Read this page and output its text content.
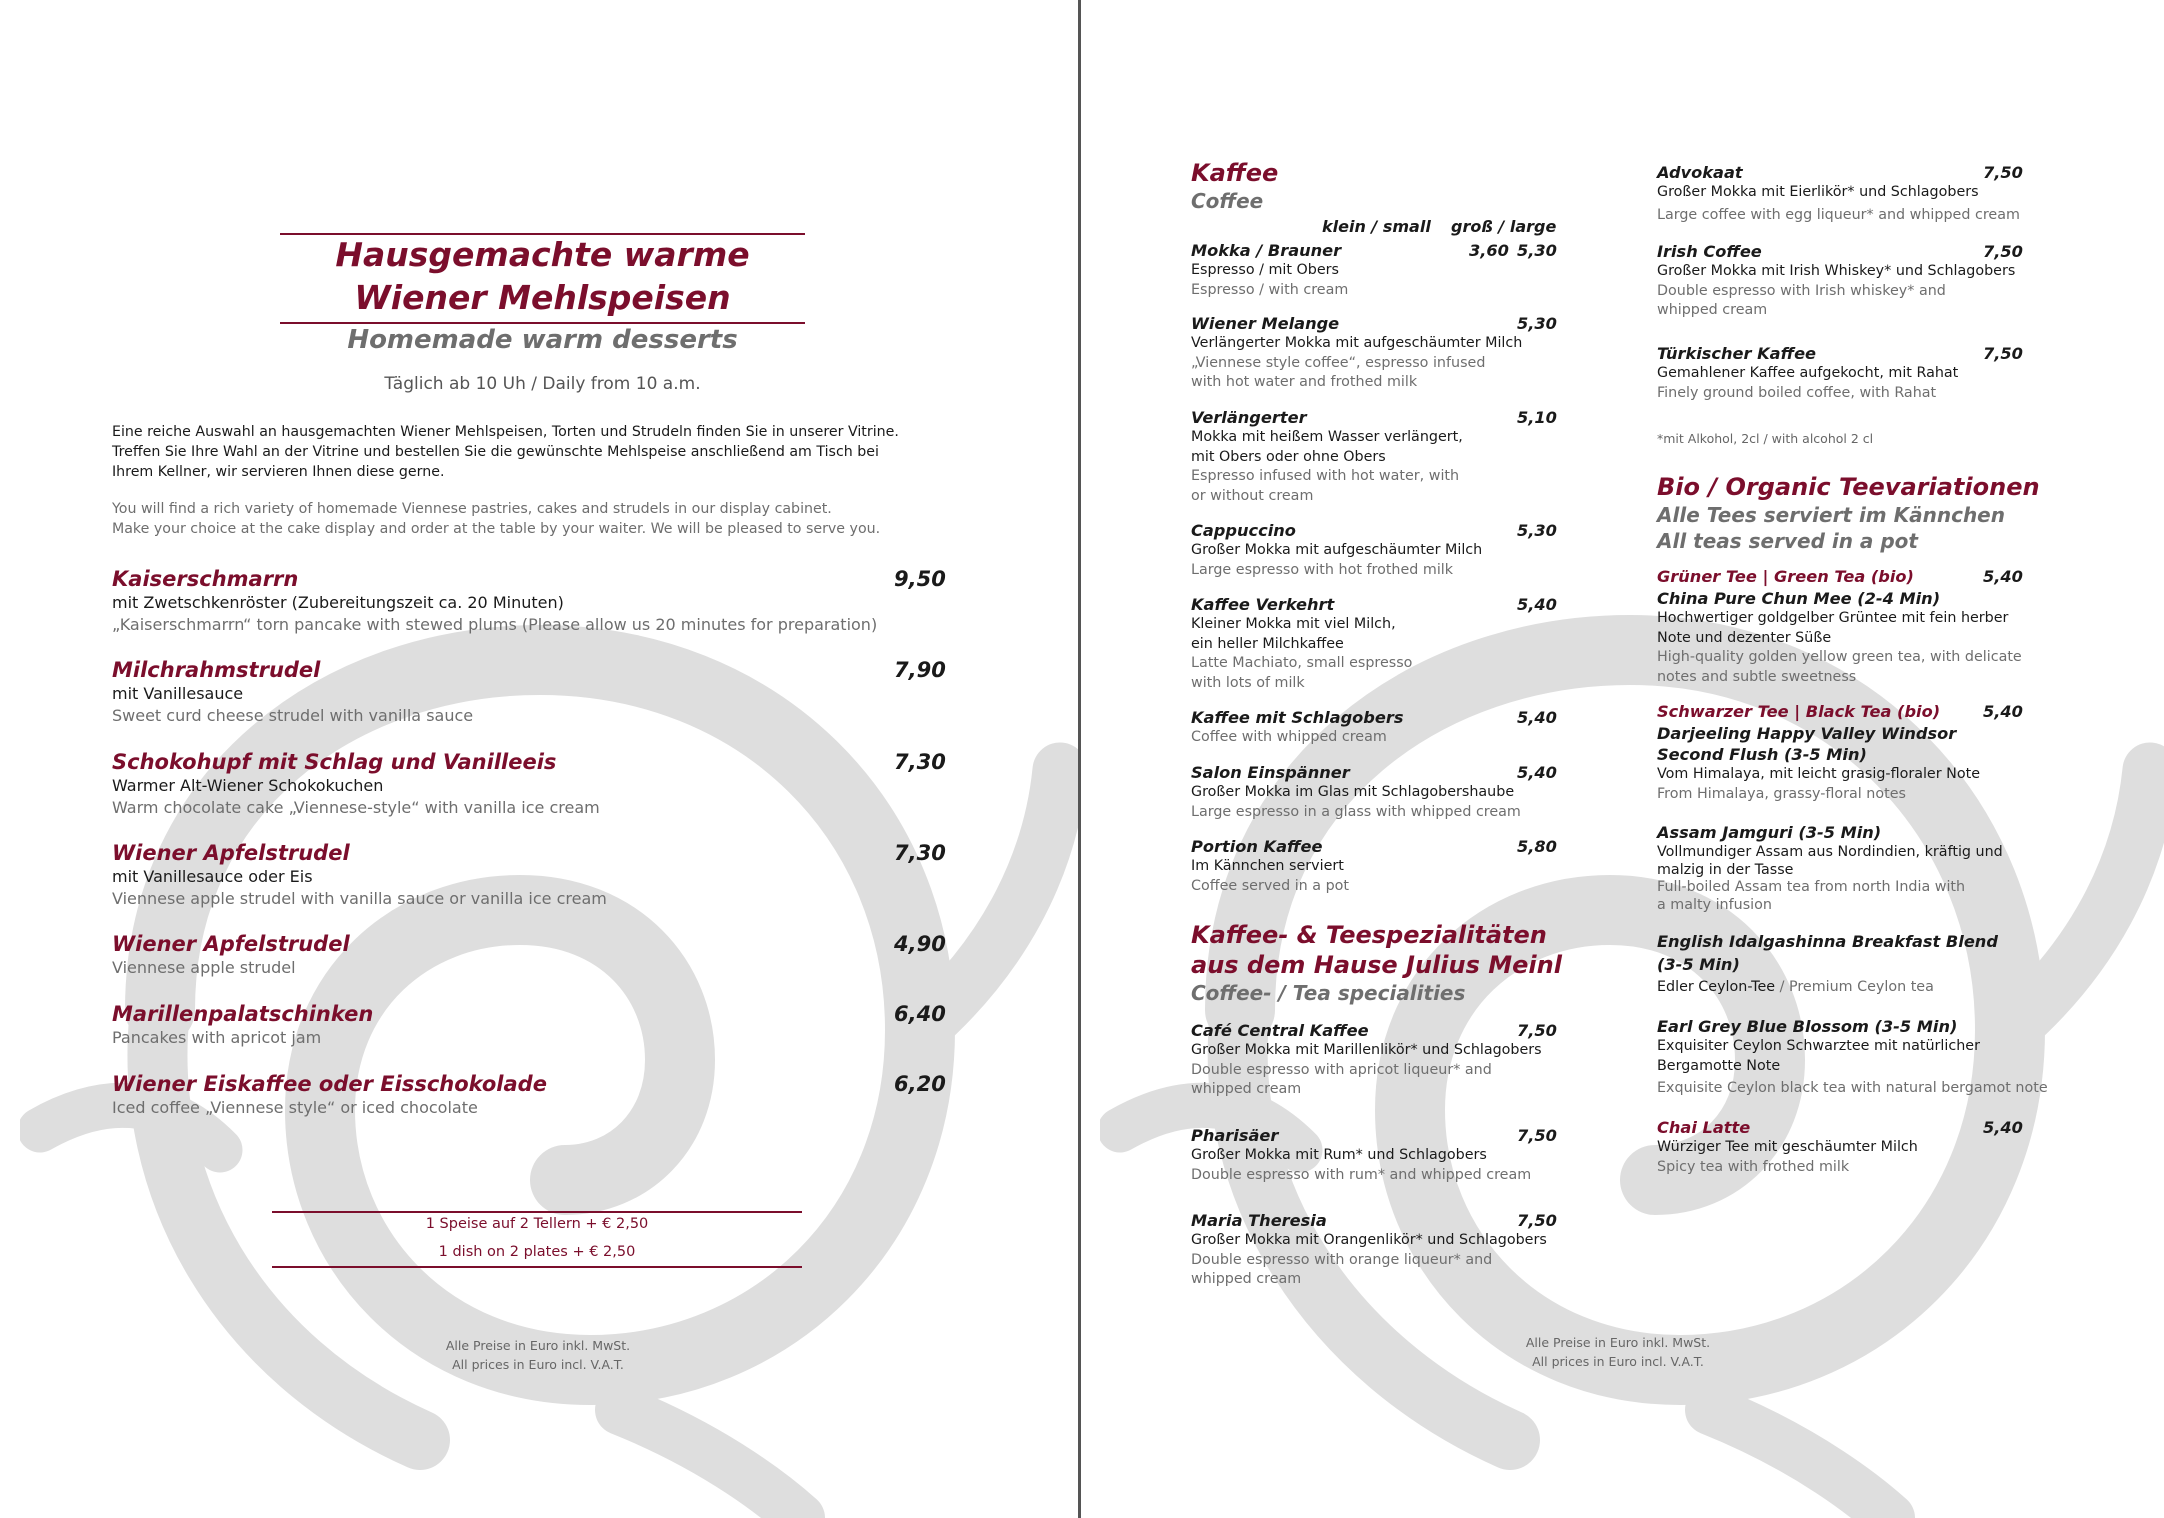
Hausgemachte warme
Wiener Mehlspeisen
Homemade warm desserts
Täglich ab 10 Uh / Daily from 10 a.m.
Eine reiche Auswahl an hausgemachten Wiener Mehlspeisen, Torten und Strudeln finden Sie in unserer Vitrine.
Treffen Sie Ihre Wahl an der Vitrine und bestellen Sie die gewünschte Mehlspeise anschließend am Tisch bei
Ihrem Kellner, wir servieren Ihnen diese gerne.
You will find a rich variety of homemade Viennese pastries, cakes and strudels in our display cabinet.
Make your choice at the cake display and order at the table by your waiter. We will be pleased to serve you.
Kaiserschmarrn	9,50
mit Zwetschkenröster (Zubereitungszeit ca. 20 Minuten)
„Kaiserschmarrn“ torn pancake with stewed plums (Please allow us 20 minutes for preparation)
Milchrahmstrudel	7,90
mit Vanillesauce
Sweet curd cheese strudel with vanilla sauce
Schokohupf mit Schlag und Vanilleeis	7,30
Warmer Alt-Wiener Schokokuchen
Warm chocolate cake „Viennese-style“ with vanilla ice cream
Wiener Apfelstrudel	7,30
mit Vanillesauce oder Eis
Viennese apple strudel with vanilla sauce or vanilla ice cream
Wiener Apfelstrudel	4,90
Viennese apple strudel
Marillenpalatschinken	6,40
Pancakes with apricot jam
Wiener Eiskaffee oder Eisschokolade	6,20
Iced coffee „Viennese style“ or iced chocolate
1 Speise auf 2 Tellern + € 2,50
1 dish on 2 plates + € 2,50
Alle Preise in Euro inkl. MwSt.
All prices in Euro incl. V.A.T.
Kaffee
Coffee
klein / small groß / large
Mokka / Brauner	3,60 5,30
Espresso / mit Obers
Espresso / with cream
Wiener Melange	5,30
Verlängerter Mokka mit aufgeschäumter Milch
„Viennese style coffee“, espresso infused
with hot water and frothed milk
Verlängerter	5,10
Mokka mit heißem Wasser verlängert,
mit Obers oder ohne Obers
Espresso infused with hot water, with
or without cream
Cappuccino	5,30
Großer Mokka mit aufgeschäumter Milch
Large espresso with hot frothed milk
Kaffee Verkehrt	5,40
Kleiner Mokka mit viel Milch,
ein heller Milchkaffee
Latte Machiato, small espresso
with lots of milk
Kaffee mit Schlagobers	5,40
Coffee with whipped cream
Salon Einspänner	5,40
Großer Mokka im Glas mit Schlagobershaube
Large espresso in a glass with whipped cream
Portion Kaffee	5,80
Im Kännchen serviert
Coffee served in a pot
Kaffee- & Teespezialitäten
aus dem Hause Julius Meinl
Coffee- / Tea specialities
Café Central Kaffee	7,50
Großer Mokka mit Marillenlikör* und Schlagobers
Double espresso with apricot liqueur* and
whipped cream
Pharisäer	7,50
Großer Mokka mit Rum* und Schlagobers
Double espresso with rum* and whipped cream
Maria Theresia	7,50
Großer Mokka mit Orangenlikör* und Schlagobers
Double espresso with orange liqueur* and
whipped cream
Advokaat	7,50
Großer Mokka mit Eierlikör* und Schlagobers
Large coffee with egg liqueur* and whipped cream
Irish Coffee	7,50
Großer Mokka mit Irish Whiskey* und Schlagobers
Double espresso with Irish whiskey* and
whipped cream
Türkischer Kaffee	7,50
Gemahlener Kaffee aufgekocht, mit Rahat
Finely ground boiled coffee, with Rahat
*mit Alkohol, 2cl / with alcohol 2 cl
Bio / Organic Teevariationen
Alle Tees serviert im Kännchen
All teas served in a pot
Grüner Tee | Green Tea (bio)	5,40
China Pure Chun Mee (2-4 Min)
Hochwertiger goldgelber Grüntee mit fein herber
Note und dezenter Süße
High-quality golden yellow green tea, with delicate
notes and subtle sweetness
Schwarzer Tee | Black Tea (bio)	5,40
Darjeeling Happy Valley Windsor
Second Flush (3-5 Min)
Vom Himalaya, mit leicht grasig-floraler Note
From Himalaya, grassy-floral notes
Assam Jamguri (3-5 Min)
Vollmundiger Assam aus Nordindien, kräftig und
malzig in der Tasse
Full-boiled Assam tea from north India with
a malty infusion
English Idalgashinna Breakfast Blend
(3-5 Min)
Edler Ceylon-Tee / Premium Ceylon tea
Earl Grey Blue Blossom (3-5 Min)
Exquisiter Ceylon Schwarztee mit natürlicher
Bergamotte Note
Exquisite Ceylon black tea with natural bergamot note
Chai Latte	5,40
Würziger Tee mit geschäumter Milch
Spicy tea with frothed milk
Alle Preise in Euro inkl. MwSt.
All prices in Euro incl. V.A.T.
